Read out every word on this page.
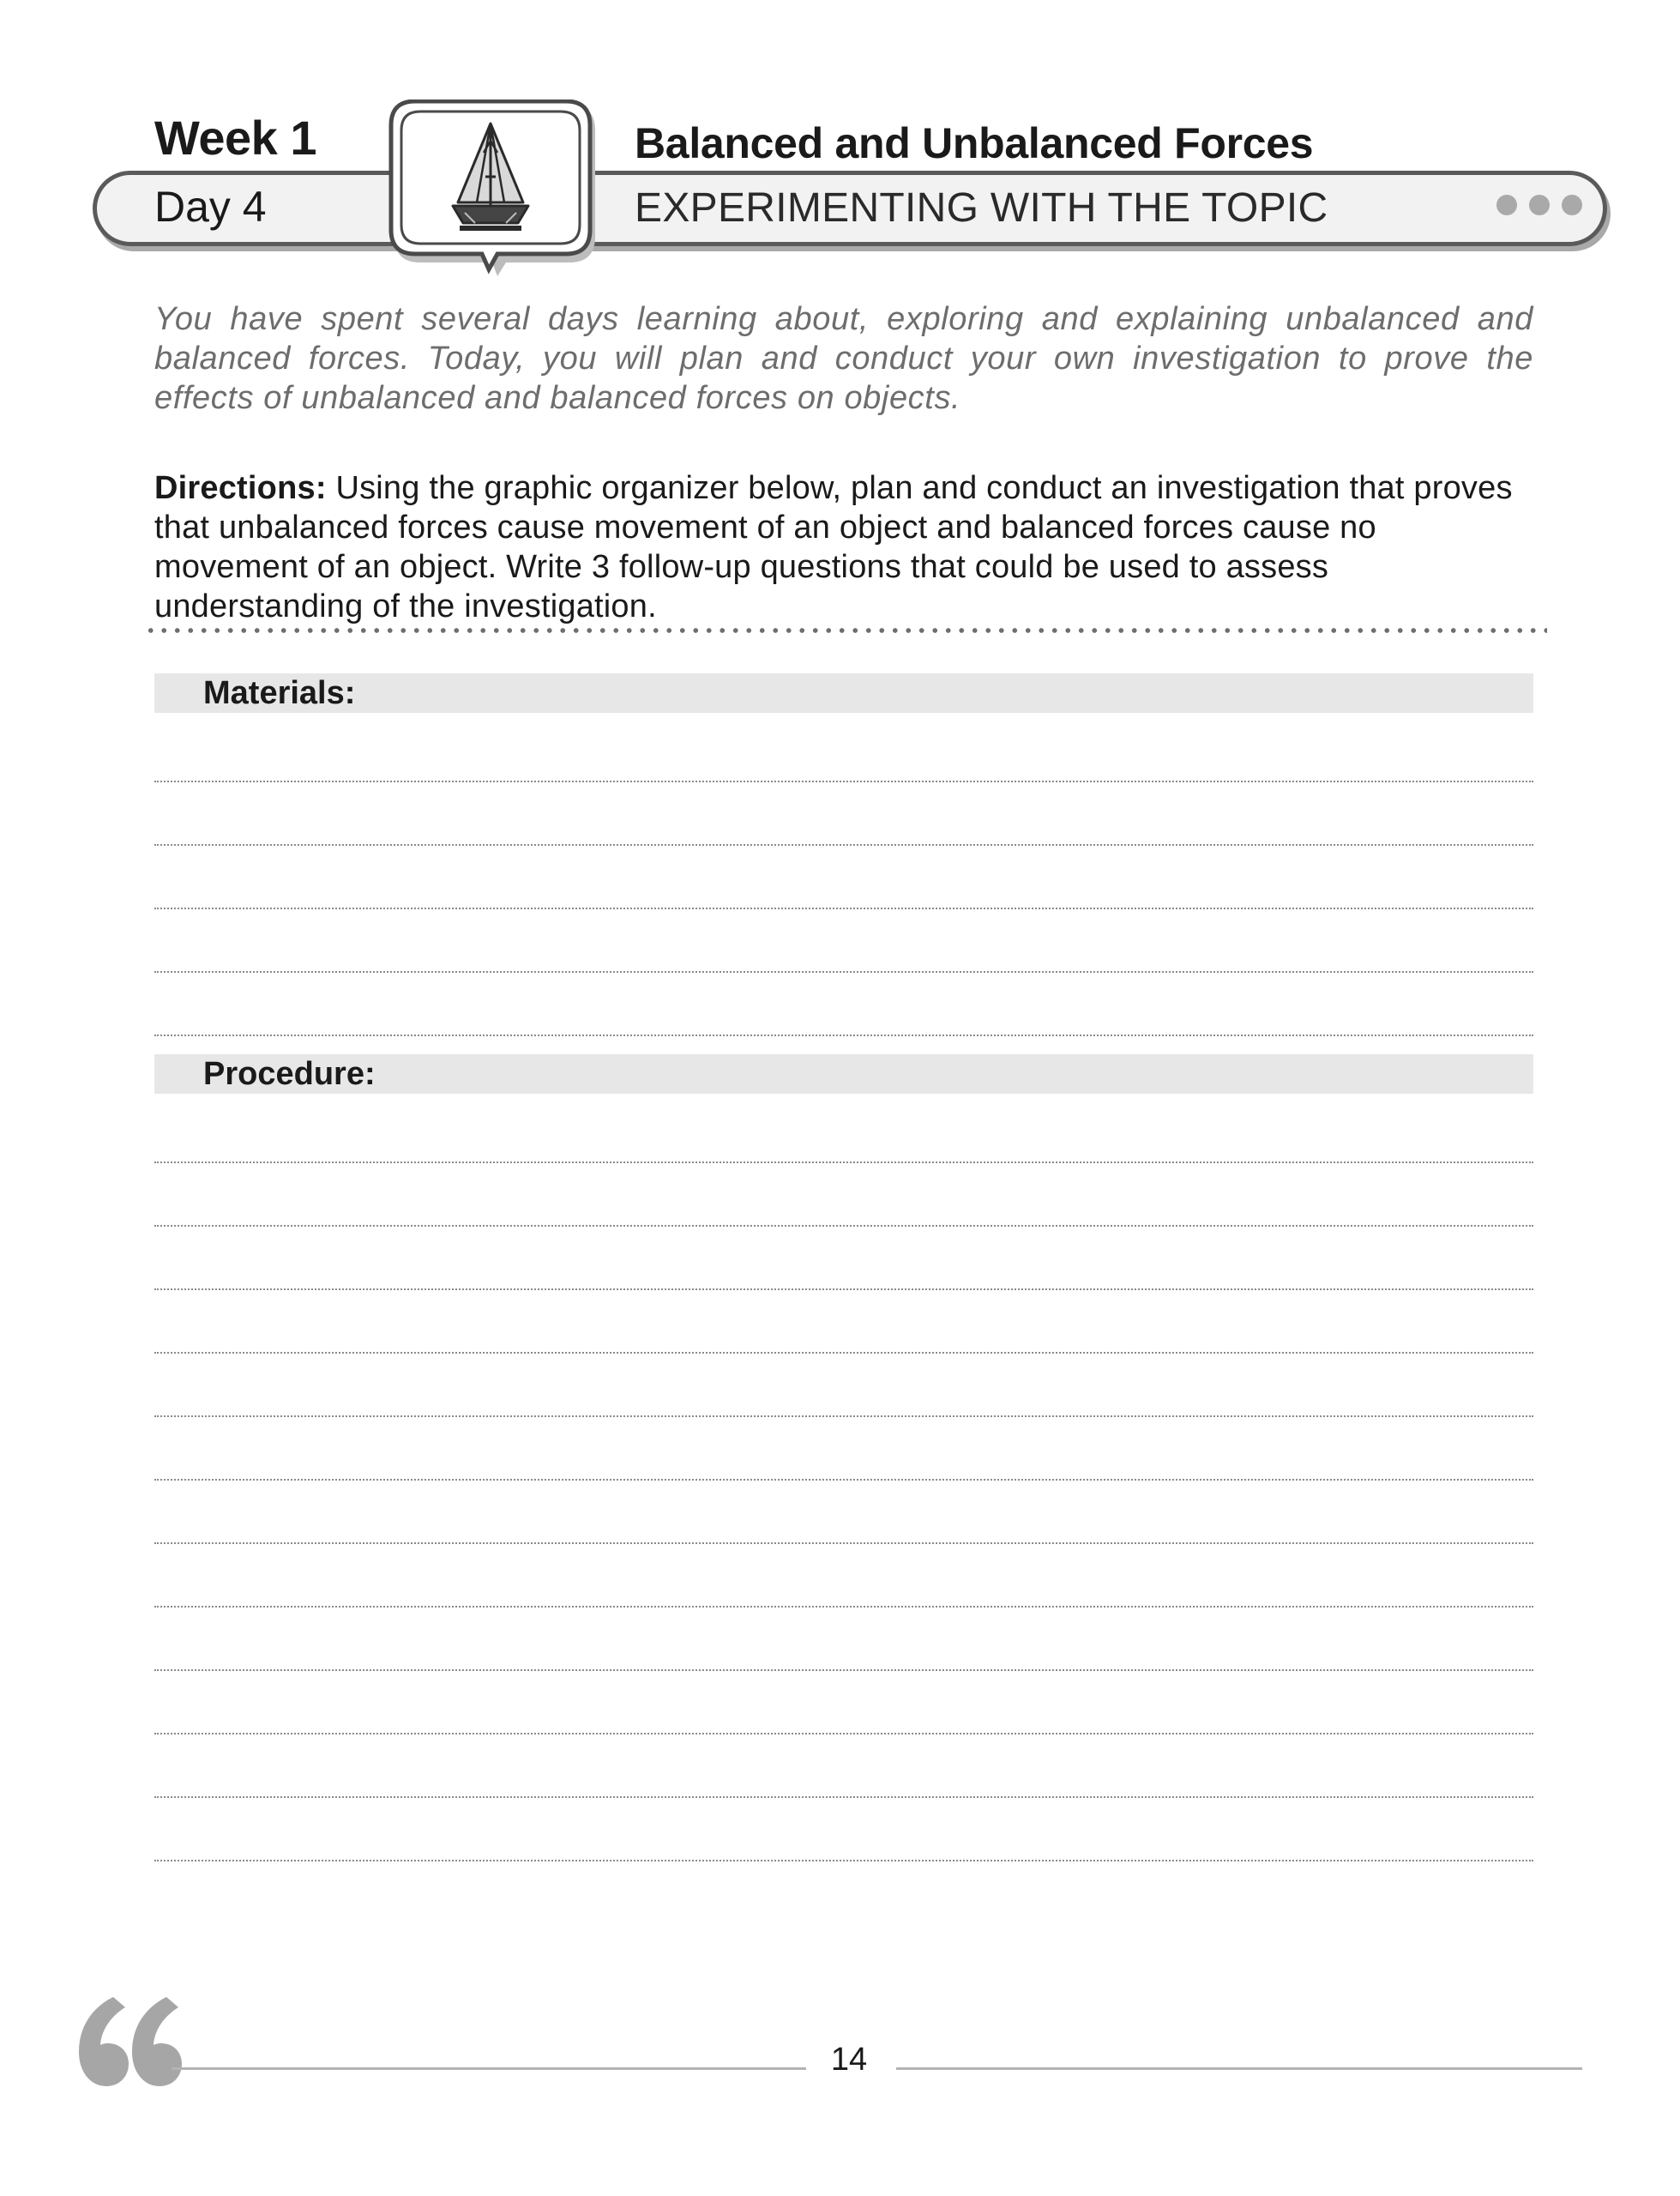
Week 1	Balanced and Unbalanced Forces
Day 4	EXPERIMENTING WITH THE TOPIC

You have spent several days learning about, exploring and explaining unbalanced and balanced forces. Today, you will plan and conduct your own investigation to prove the effects of unbalanced and balanced forces on objects.

Directions: Using the graphic organizer below, plan and conduct an investigation that proves that unbalanced forces cause movement of an object and balanced forces cause no movement of an object. Write 3 follow-up questions that could be used to assess understanding of the investigation.

Materials:
Procedure:
14
